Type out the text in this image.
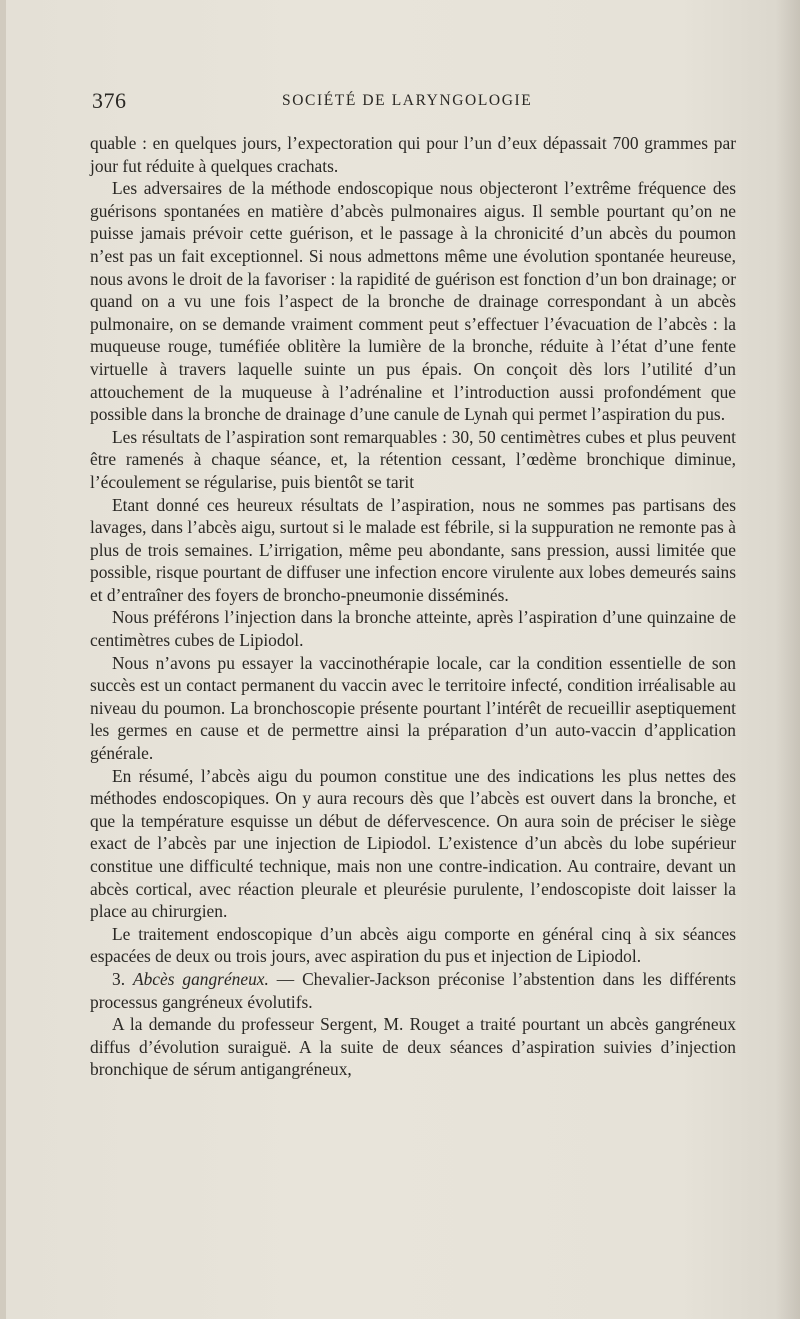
376	SOCIÉTÉ DE LARYNGOLOGIE

quable : en quelques jours, l’expectoration qui pour l’un d’eux dépassait 700 grammes par jour fut réduite à quelques crachats.

Les adversaires de la méthode endoscopique nous objecteront l’extrême fréquence des guérisons spontanées en matière d’abcès pulmonaires aigus. Il semble pourtant qu’on ne puisse jamais prévoir cette guérison, et le passage à la chronicité d’un abcès du poumon n’est pas un fait exceptionnel. Si nous admettons même une évolution spontanée heureuse, nous avons le droit de la favoriser : la rapidité de guérison est fonction d’un bon drainage; or quand on a vu une fois l’aspect de la bronche de drainage correspondant à un abcès pulmonaire, on se demande vraiment comment peut s’effectuer l’évacuation de l’abcès : la muqueuse rouge, tuméfiée oblitère la lumière de la bronche, réduite à l’état d’une fente virtuelle à travers laquelle suinte un pus épais. On conçoit dès lors l’utilité d’un attouchement de la muqueuse à l’adrénaline et l’introduction aussi profondément que possible dans la bronche de drainage d’une canule de Lynah qui permet l’aspiration du pus.

Les résultats de l’aspiration sont remarquables : 30, 50 centimètres cubes et plus peuvent être ramenés à chaque séance, et, la rétention cessant, l’œdème bronchique diminue, l’écoulement se régularise, puis bientôt se tarit

Etant donné ces heureux résultats de l’aspiration, nous ne sommes pas partisans des lavages, dans l’abcès aigu, surtout si le malade est fébrile, si la suppuration ne remonte pas à plus de trois semaines. L’irrigation, même peu abondante, sans pression, aussi limitée que possible, risque pourtant de diffuser une infection encore virulente aux lobes demeurés sains et d’entraîner des foyers de broncho-pneumonie disséminés.

Nous préférons l’injection dans la bronche atteinte, après l’aspiration d’une quinzaine de centimètres cubes de Lipiodol.

Nous n’avons pu essayer la vaccinothérapie locale, car la condition essentielle de son succès est un contact permanent du vaccin avec le territoire infecté, condition irréalisable au niveau du poumon. La bronchoscopie présente pourtant l’intérêt de recueillir aseptiquement les germes en cause et de permettre ainsi la préparation d’un auto-vaccin d’application générale.

En résumé, l’abcès aigu du poumon constitue une des indications les plus nettes des méthodes endoscopiques. On y aura recours dès que l’abcès est ouvert dans la bronche, et que la température esquisse un début de défervescence. On aura soin de préciser le siège exact de l’abcès par une injection de Lipiodol. L’existence d’un abcès du lobe supérieur constitue une difficulté technique, mais non une contre-indication. Au contraire, devant un abcès cortical, avec réaction pleurale et pleurésie purulente, l’endoscopiste doit laisser la place au chirurgien.

Le traitement endoscopique d’un abcès aigu comporte en général cinq à six séances espacées de deux ou trois jours, avec aspiration du pus et injection de Lipiodol.

3. Abcès gangréneux. — Chevalier-Jackson préconise l’abstention dans les différents processus gangréneux évolutifs.

A la demande du professeur Sergent, M. Rouget a traité pourtant un abcès gangréneux diffus d’évolution suraiguë. A la suite de deux séances d’aspiration suivies d’injection bronchique de sérum antigangréneux,
